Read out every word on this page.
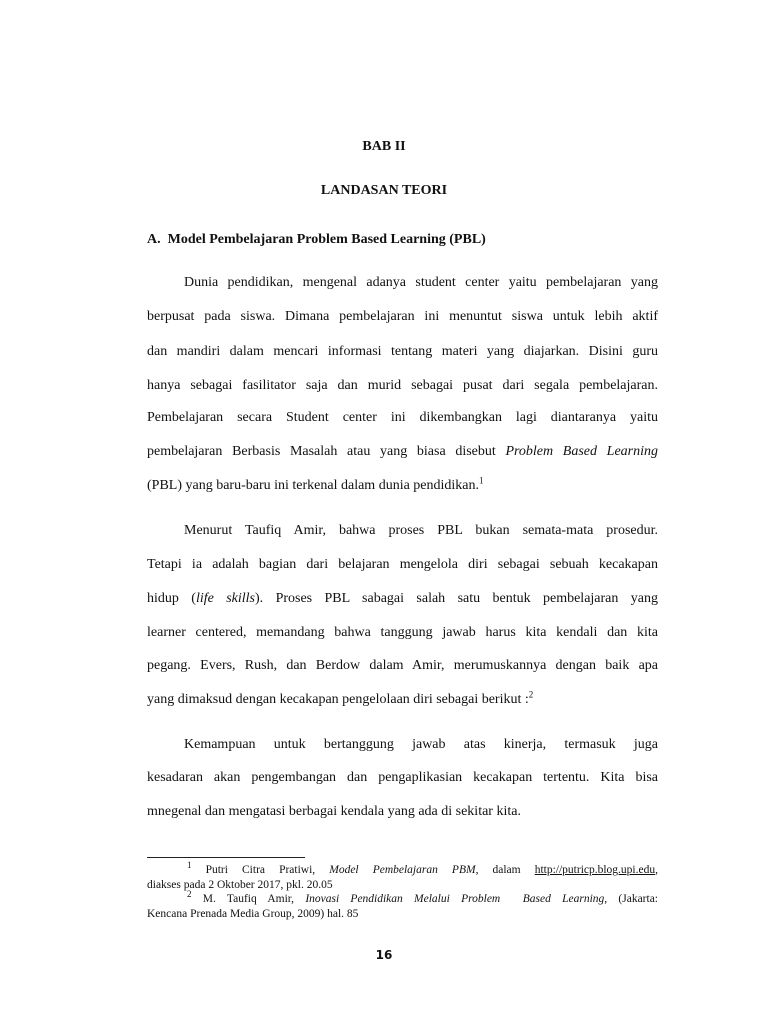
BAB II
LANDASAN TEORI
A.  Model Pembelajaran Problem Based Learning (PBL)
Dunia pendidikan, mengenal adanya student center yaitu pembelajaran yang
berpusat pada siswa. Dimana pembelajaran ini menuntut siswa untuk lebih aktif
dan mandiri dalam mencari informasi tentang materi yang diajarkan. Disini guru
hanya sebagai fasilitator saja dan murid sebagai pusat dari segala pembelajaran.
Pembelajaran secara Student center ini dikembangkan lagi diantaranya yaitu
pembelajaran Berbasis Masalah atau yang biasa disebut Problem Based Learning
(PBL) yang baru-baru ini terkenal dalam dunia pendidikan.$^1$
Menurut Taufiq Amir, bahwa proses PBL bukan semata-mata prosedur.
Tetapi ia adalah bagian dari belajaran mengelola diri sebagai sebuah kecakapan
hidup (life skills). Proses PBL sabagai salah satu bentuk pembelajaran yang
learner centered, memandang bahwa tanggung jawab harus kita kendali dan kita
pegang. Evers, Rush, dan Berdow dalam Amir, merumuskannya dengan baik apa
yang dimaksud dengan kecakapan pengelolaan diri sebagai berikut :$^2$
Kemampuan untuk bertanggung jawab atas kinerja, termasuk juga
kesadaran akan pengembangan dan pengaplikasian kecakapan tertentu. Kita bisa
mnegenal dan mengatasi berbagai kendala yang ada di sekitar kita.
$^1$ Putri Citra Pratiwi, Model Pembelajaran PBM, dalam http://putricp.blog.upi.edu,
diakses pada 2 Oktober 2017, pkl. 20.05
$^2$ M. Taufiq Amir, Inovasi Pendidikan Melalui Problem  Based Learning, (Jakarta:
Kencana Prenada Media Group, 2009) hal. 85
16
